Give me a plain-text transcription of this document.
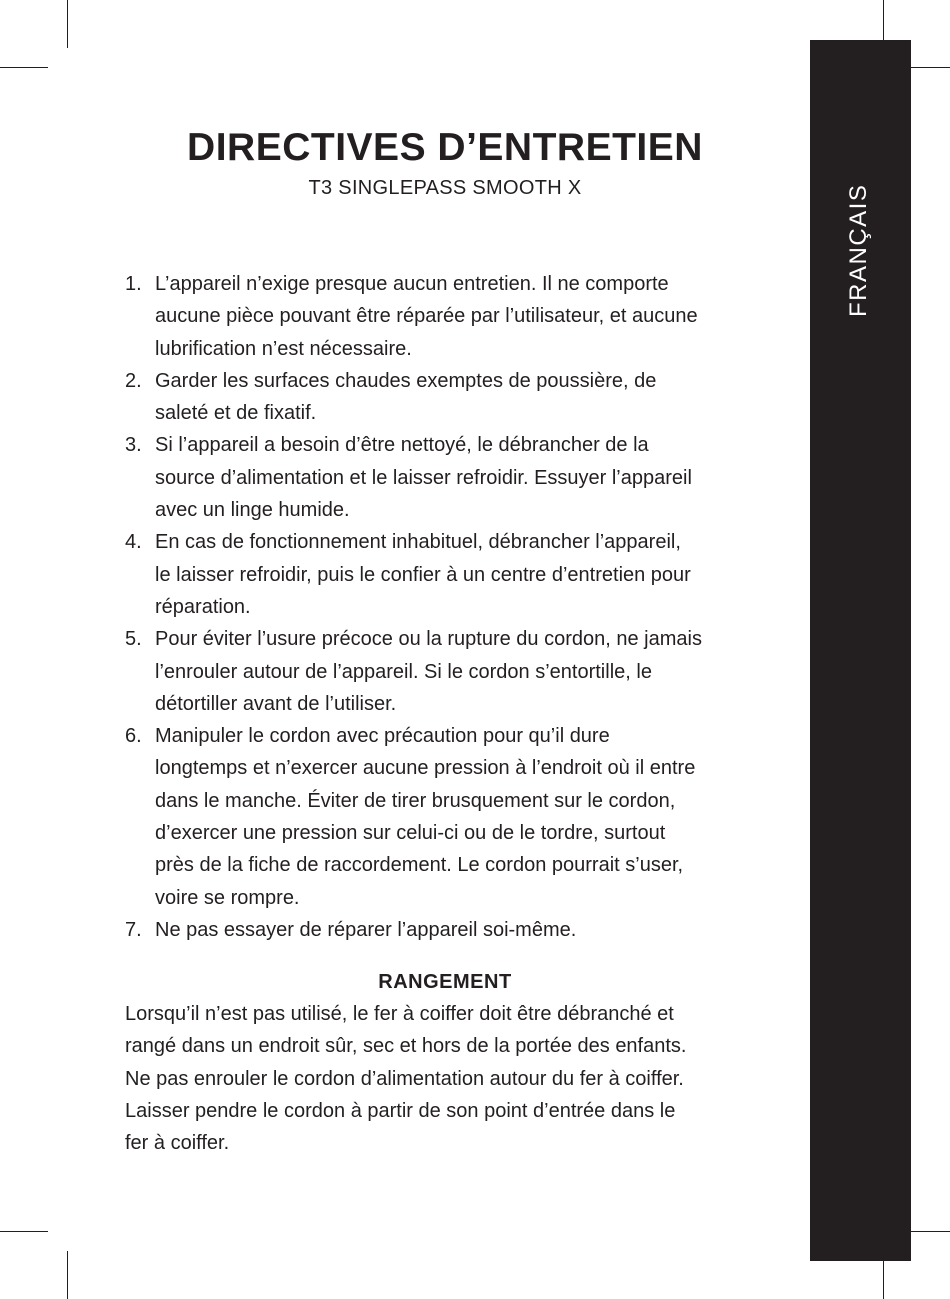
FRANÇAIS
DIRECTIVES D’ENTRETIEN
T3 SINGLEPASS SMOOTH X
1. L’appareil n’exige presque aucun entretien. Il ne comporte
aucune pièce pouvant être réparée par l’utilisateur, et aucune
lubrification n’est nécessaire.
2. Garder les surfaces chaudes exemptes de poussière, de
saleté et de fixatif.
3. Si l’appareil a besoin d’être nettoyé, le débrancher de la
source d’alimentation et le laisser refroidir. Essuyer l’appareil
avec un linge humide.
4. En cas de fonctionnement inhabituel, débrancher l’appareil,
le laisser refroidir, puis le confier à un centre d’entretien pour
réparation.
5. Pour éviter l’usure précoce ou la rupture du cordon, ne jamais
l’enrouler autour de l’appareil. Si le cordon s’entortille, le
détortiller avant de l’utiliser.
6. Manipuler le cordon avec précaution pour qu’il dure
longtemps et n’exercer aucune pression à l’endroit où il entre
dans le manche. Éviter de tirer brusquement sur le cordon,
d’exercer une pression sur celui-ci ou de le tordre, surtout
près de la fiche de raccordement. Le cordon pourrait s’user,
voire se rompre.
7. Ne pas essayer de réparer l’appareil soi-même.
RANGEMENT
Lorsqu’il n’est pas utilisé, le fer à coiffer doit être débranché et
rangé dans un endroit sûr, sec et hors de la portée des enfants.
Ne pas enrouler le cordon d’alimentation autour du fer à coiffer.
Laisser pendre le cordon à partir de son point d’entrée dans le
fer à coiffer.
